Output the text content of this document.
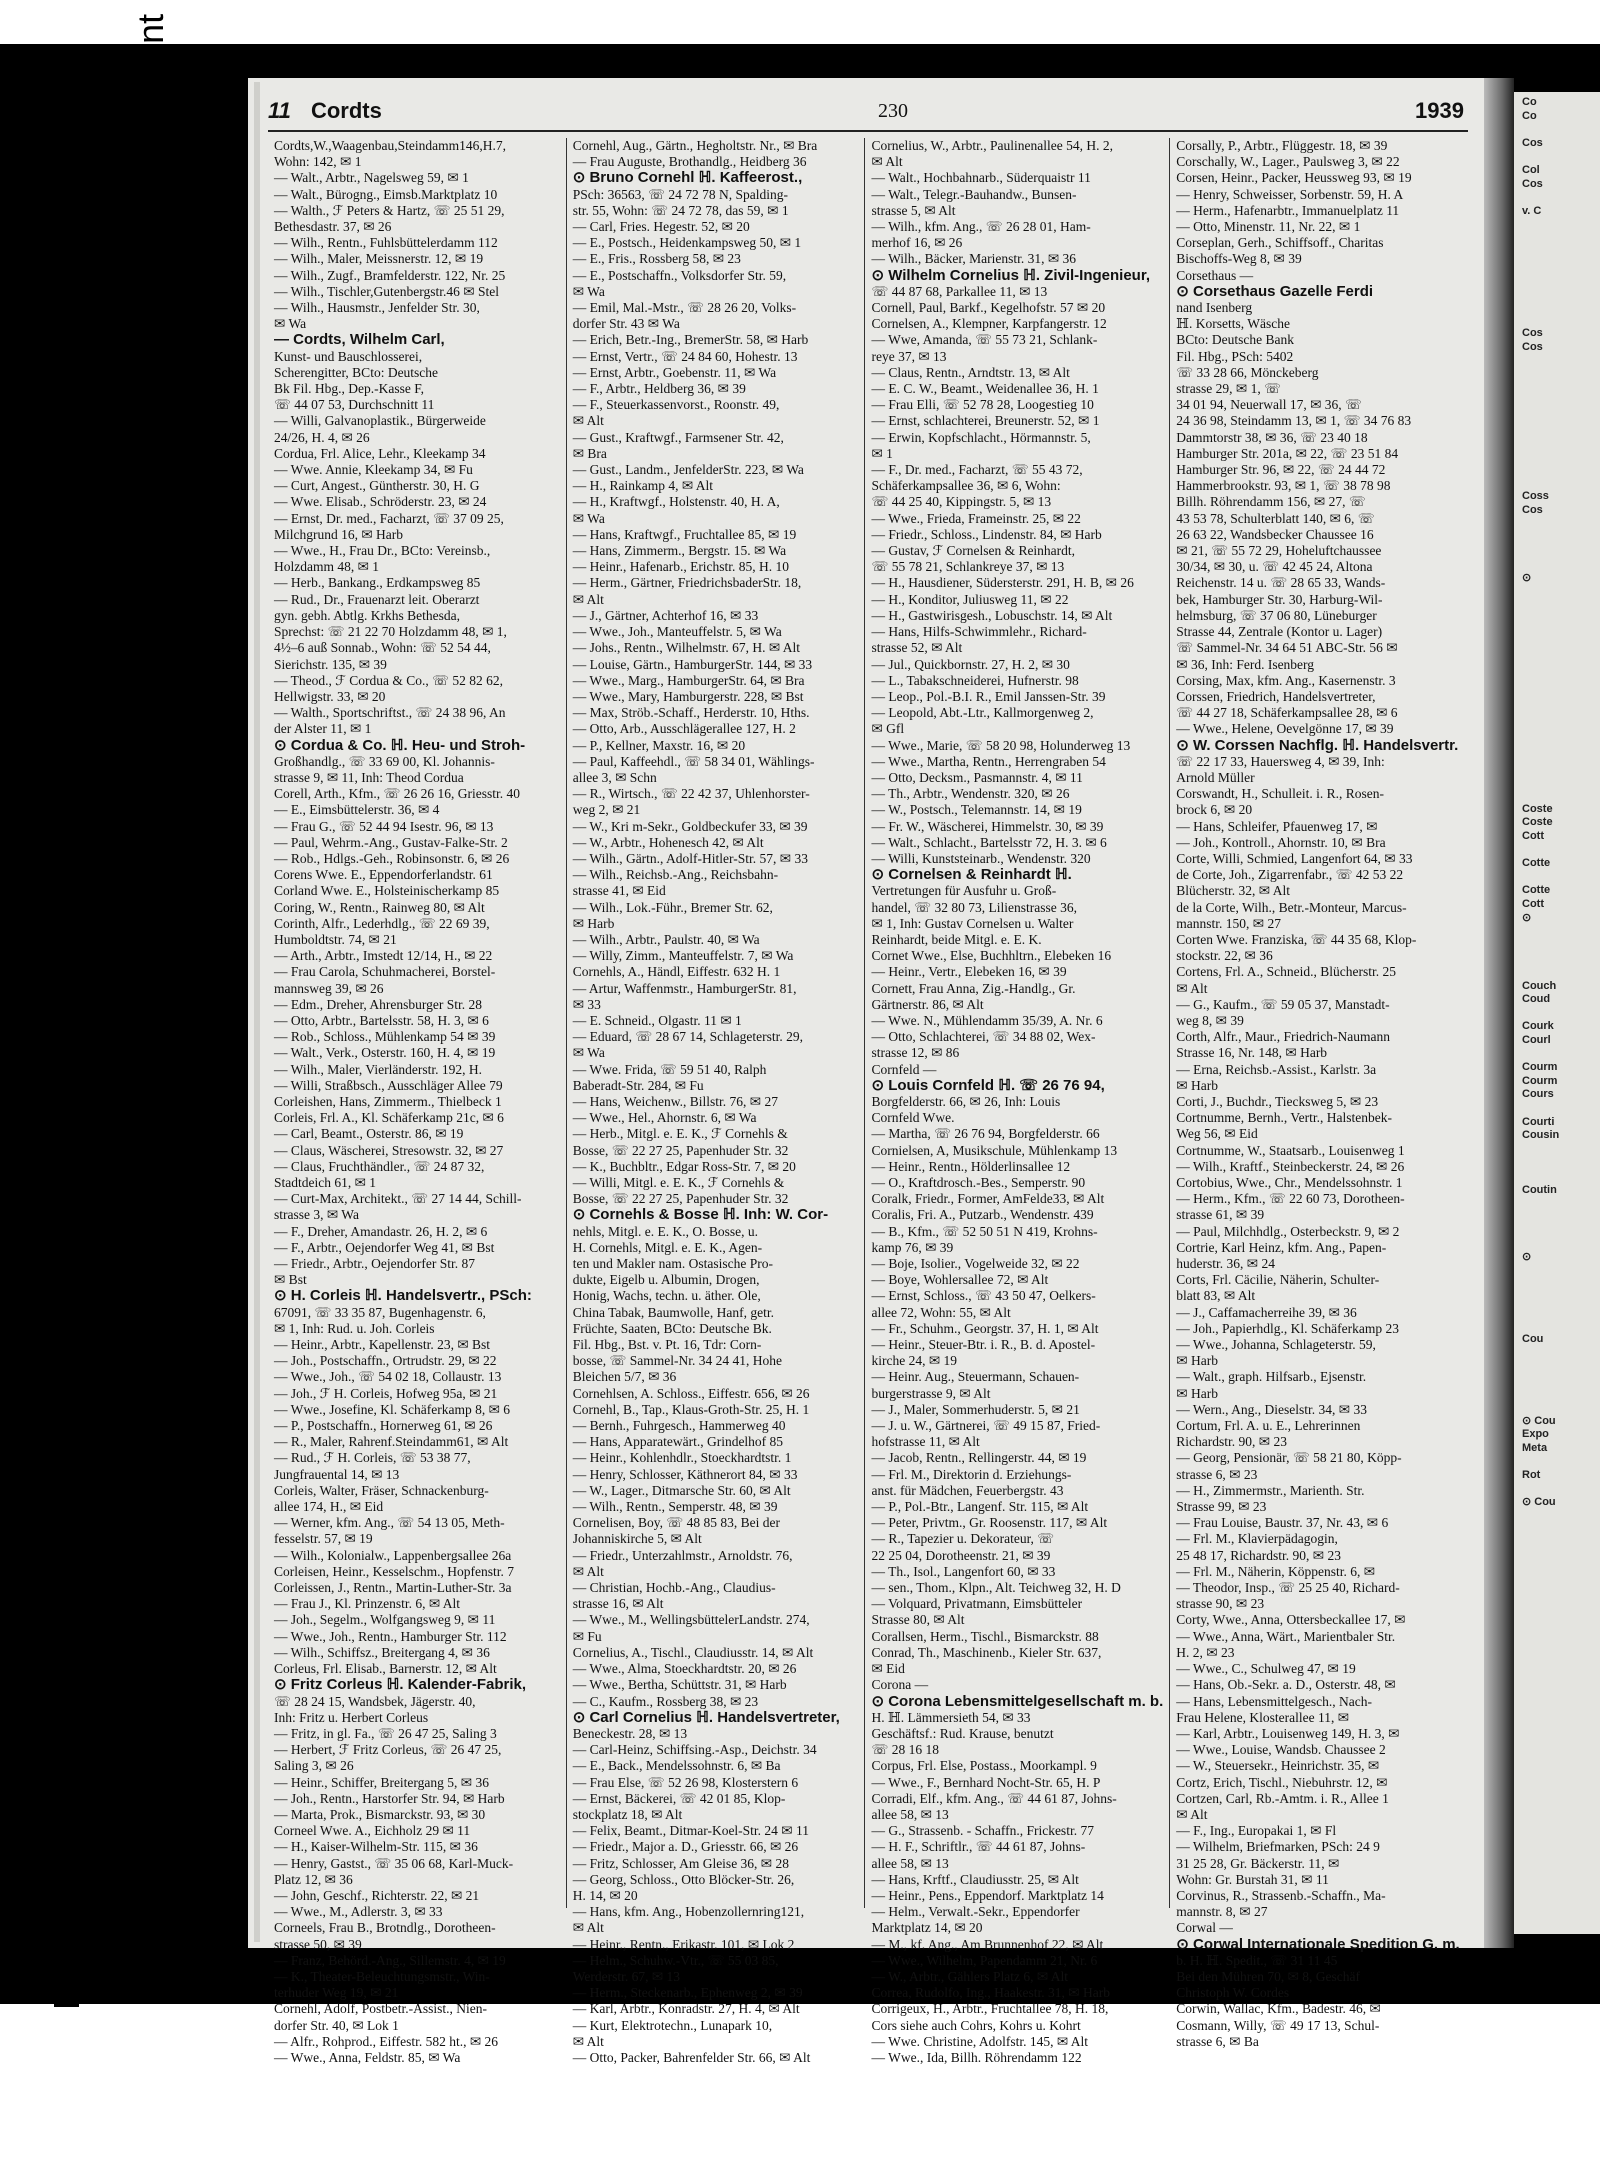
Co
Co

Cos

Col
Cos

v. C

Cos
Cos

Coss
Cos

⊙

Coste
Coste
Cott

Cotte

Cotte
Cott
⊙

Couch
Coud

Courk
Courl

Courm
Courm
Cours

Courti
Cousin

Coutin

⊙

Cou

⊙ Cou
Expo
Meta

Rot

⊙ Cou
11 Cordts	230	1939

Cordts,W.,Waagenbau,Steindamm146,H.7,

Wohn: 142, ✉ 1

— Walt., Arbtr., Nagelsweg 59, ✉ 1

— Walt., Bürogng., Eimsb.Marktplatz 10

— Walth., ℱ Peters & Hartz, ☏ 25 51 29,

Bethesdastr. 37, ✉ 26

— Wilh., Rentn., Fuhlsbüttelerdamm 112

— Wilh., Maler, Meissnerstr. 12, ✉ 19

— Wilh., Zugf., Bramfelderstr. 122, Nr. 25

— Wilh., Tischler,Gutenbergstr.46 ✉ Stel

— Wilh., Hausmstr., Jenfelder Str. 30,

✉ Wa

— Cordts, Wilhelm Carl,

Kunst- und Bauschlosserei,

Scherengitter, BCto: Deutsche

Bk Fil. Hbg., Dep.-Kasse F,

☏ 44 07 53, Durchschnitt 11

— Willi, Galvanoplastik., Bürgerweide

24/26, H. 4, ✉ 26

Cordua, Frl. Alice, Lehr., Kleekamp 34

— Wwe. Annie, Kleekamp 34, ✉ Fu

— Curt, Angest., Güntherstr. 30, H. G

— Wwe. Elisab., Schröderstr. 23, ✉ 24

— Ernst, Dr. med., Facharzt, ☏ 37 09 25,

Milchgrund 16, ✉ Harb

— Wwe., H., Frau Dr., BCto: Vereinsb.,

Holzdamm 48, ✉ 1

— Herb., Bankang., Erdkampsweg 85

— Rud., Dr., Frauenarzt leit. Oberarzt

gyn. gebh. Abtlg. Krkhs Bethesda,

Sprechst: ☏ 21 22 70 Holzdamm 48, ✉ 1,

4½–6 auß​ Sonnab., Wohn: ☏ 52 54 44,

Sierichstr. 135, ✉ 39

— Theod., ℱ Cordua & Co., ☏ 52 82 62,

Hellwigstr. 33, ✉ 20

— Walth., Sportschriftst., ☏ 24 38 96, An

der Alster 11, ✉ 1

⊙ Cordua & Co. ℍ. Heu- und Stroh-

Großhandlg., ☏ 33 69 00, Kl. Johannis-

strasse 9, ✉ 11, Inh: Theod Cordua

Corell, Arth., Kfm., ☏ 26 26 16, Griesstr. 40

— E., Eimsbüttelerstr. 36, ✉ 4

— Frau G., ☏ 52 44 94 Isestr. 96, ✉ 13

— Paul, Wehrm.-Ang., Gustav-Falke-Str. 2

— Rob., Hdlgs.-Geh., Robinsonstr. 6, ✉ 26

Corens Wwe. E., Eppendorferlandstr. 61

Corland Wwe. E., Holsteinischerkamp 85

Coring, W., Rentn., Rainweg 80, ✉ Alt

Corinth, Alfr., Lederhdlg., ☏ 22 69 39,

Humboldtstr. 74, ✉ 21

— Arth., Arbtr., Imstedt 12/14, H., ✉ 22

— Frau Carola, Schuhmacherei, Borstel-

mannsweg 39, ✉ 26

— Edm., Dreher, Ahrensburger Str. 28

— Otto, Arbtr., Bartelsstr. 58, H. 3, ✉ 6

— Rob., Schloss., Mühlenkamp 54 ✉ 39

— Walt., Verk., Osterstr. 160, H. 4, ✉ 19

— Wilh., Maler, Vierländerstr. 192, H.

— Willi, Straßbsch., Ausschläger Allee 79

Corleishen, Hans, Zimmerm., Thielbeck 1

Corleis, Frl. A., Kl. Schäferkamp 21c, ✉ 6

— Carl, Beamt., Osterstr. 86, ✉ 19

— Claus, Wäscherei, Stresowstr. 32, ✉ 27

— Claus, Fruchthändler., ☏ 24 87 32,

Stadtdeich 61, ✉ 1

— Curt-Max, Architekt., ☏ 27 14 44, Schill-

strasse 3, ✉ Wa

— F., Dreher, Amandastr. 26, H. 2, ✉ 6

— F., Arbtr., Oejendorfer Weg 41, ✉ Bst

— Friedr., Arbtr., Oejendorfer Str. 87

✉ Bst

⊙ H. Corleis ℍ. Handelsvertr., PSch:

67091, ☏ 33 35 87, Bugenhagenstr. 6,

✉ 1, Inh: Rud. u. Joh. Corleis

— Heinr., Arbtr., Kapellenstr. 23, ✉ Bst

— Joh., Postschaffn., Ortrudstr. 29, ✉ 22

— Wwe., Joh., ☏ 54 02 18, Collaustr. 13

— Joh., ℱ H. Corleis, Hofweg 95a, ✉ 21

— Wwe., Josefine, Kl. Schäferkamp 8, ✉ 6

— P., Postschaffn., Hornerweg 61, ✉ 26

— R., Maler, Rahrenf.Steindamm61, ✉ Alt

— Rud., ℱ H. Corleis, ☏ 53 38 77,

Jungfrauental 14, ✉ 13

Corleis, Walter, Fräser, Schnackenburg-

allee 174, H., ✉ Eid

— Werner, kfm. Ang., ☏ 54 13 05, Meth-

fesselstr. 57, ✉ 19

— Wilh., Kolonialw., Lappenbergsallee 26a

Corleisen, Heinr., Kesselschm., Hopfenstr. 7

Corleissen, J., Rentn., Martin-Luther-Str. 3a

— Frau J., Kl. Prinzenstr. 6, ✉ Alt

— Joh., Segelm., Wolfgangsweg 9, ✉ 11

— Wwe., Joh., Rentn., Hamburger Str. 112

— Wilh., Schiffsz., Breitergang 4, ✉ 36

Corleus, Frl. Elisab., Barnerstr. 12, ✉ Alt

⊙ Fritz Corleus ℍ. Kalender-Fabrik,

☏ 28 24 15, Wandsbek, Jägerstr. 40,

Inh: Fritz u. Herbert Corleus

— Fritz, in gl. Fa., ☏ 26 47 25, Saling 3

— Herbert, ℱ Fritz Corleus, ☏ 26 47 25,

Saling 3, ✉ 26

— Heinr., Schiffer, Breitergang 5, ✉ 36

— Joh., Rentn., Harstorfer Str. 94, ✉ Harb

— Marta, Prok., Bismarckstr. 93, ✉ 30

Corneel Wwe. A., Eichholz 29 ✉ 11

— H., Kaiser-Wilhelm-Str. 115, ✉ 36

— Henry, Gastst., ☏ 35 06 68, Karl-Muck-

Platz 12, ✉ 36

— John, Geschf., Richterstr. 22, ✉ 21

— Wwe., M., Adlerstr. 3, ✉ 33

Corneels, Frau B., Brotndlg., Dorotheen-

strasse 50, ✉ 39

— Franz, Behörd.-Ang., Sillemstr. 4, ✉ 19

— K., Theater-Beleuchtungsmstr., Win-

terhuder Weg 19, ✉ 21

Cornehl, Adolf, Postbetr.-Assist., Nien-

dorfer Str. 40, ✉ Lok 1

— Alfr., Rohprod., Eiffestr. 582 ht., ✉ 26

— Wwe., Anna, Feldstr. 85, ✉ Wa

Cornehl, Aug., Gärtn., Hegholtstr. Nr., ✉ Bra

— Frau Auguste, Brothandlg., Heidberg 36

⊙ Bruno Cornehl ℍ. Kaffeerost.,

PSch: 36563, ☏ 24 72 78 N, Spalding-

str. 55, Wohn: ☏ 24 72 78, das 59, ✉ 1

— Carl, Fries. Hegestr. 52, ✉ 20

— E., Postsch., Heidenkampsweg 50, ✉ 1

— E., Fris., Rossberg 58, ✉ 23

— E., Postschaffn., Volksdorfer Str. 59,

✉ Wa

— Emil, Mal.-Mstr., ☏ 28 26 20, Volks-

dorfer Str. 43 ✉ Wa

— Erich, Betr.-Ing., BremerStr. 58, ✉ Harb

— Ernst, Vertr., ☏ 24 84 60, Hohestr. 13

— Ernst, Arbtr., Goebenstr. 11, ✉ Wa

— F., Arbtr., Heldberg 36, ✉ 39

— F., Steuerkassenvorst., Roonstr. 49,

✉ Alt

— Gust., Kraftwgf., Farmsener Str. 42,

✉ Bra

— Gust., Landm., JenfelderStr. 223, ✉ Wa

— H., Rainkamp 4, ✉ Alt

— H., Kraftwgf., Holstenstr. 40, H. A,

✉ Wa

— Hans, Kraftwgf., Fruchtallee 85, ✉ 19

— Hans, Zimmerm., Bergstr. 15. ✉ Wa

— Heinr., Hafenarb., Erichstr. 85, H. 10

— Herm., Gärtner, FriedrichsbaderStr. 18,

✉ Alt

— J., Gärtner, Achterhof 16, ✉ 33

— Wwe., Joh., Manteuffelstr. 5, ✉ Wa

— Johs., Rentn., Wilhelmstr. 67, H. ✉ Alt

— Louise, Gärtn., HamburgerStr. 144, ✉ 33

— Wwe., Marg., HamburgerStr. 64, ✉ Bra

— Wwe., Mary, Hamburgerstr. 228, ✉ Bst

— Max, Ströb.-Schaff., Herderstr. 10, Hths.

— Otto, Arb., Ausschlägerallee 127, H. 2

— P., Kellner, Maxstr. 16, ✉ 20

— Paul, Kaffeehdl., ☏ 58 34 01, Wählings-

allee 3, ✉ Schn

— R., Wirtsch., ☏ 22 42 37, Uhlenhorster-

weg 2, ✉ 21

— W., Kri m-Sekr., Goldbeckufer 33, ✉ 39

— W., Arbtr., Hohenesch 42, ✉ Alt

— Wilh., Gärtn., Adolf-Hitler-Str. 57, ✉ 33

— Wilh., Reichsb.-Ang., Reichsbahn-

strasse 41, ✉ Eid

— Wilh., Lok.-Führ., Bremer Str. 62,

✉ Harb

— Wilh., Arbtr., Paulstr. 40, ✉ Wa

— Willy, Zimm., Manteuffelstr. 7, ✉ Wa

Cornehls, A., Händl, Eiffestr. 632 H. 1

— Artur, Waffenmstr., HamburgerStr. 81,

✉ 33

— E. Schneid., Olgastr. 11 ✉ 1

— Eduard, ☏ 28 67 14, Schlageterstr. 29,

✉ Wa

— Wwe. Frida, ☏ 59 51 40, Ralph

Baberadt-Str. 284, ✉ Fu

— Hans, Weichenw., Billstr. 76, ✉ 27

— Wwe., Hel., Ahornstr. 6, ✉ Wa

— Herb., Mitgl. e. E. K., ℱ Cornehls &

Bosse, ☏ 22 27 25, Papenhuder Str. 32

— K., Buchbltr., Edgar Ross-Str. 7, ✉ 20

— Willi, Mitgl. e. E. K., ℱ Cornehls &

Bosse, ☏ 22 27 25, Papenhuder Str. 32

⊙ Cornehls & Bosse ℍ. Inh: W. Cor-

nehls, Mitgl. e. E. K., O. Bosse, u.

H. Cornehls, Mitgl. e. E. K., Agen-

ten und Makler nam. Ostasische Pro-

dukte, Eigelb u. Albumin, Drogen,

Honig, Wachs, techn. u. äther. Ole,

China Tabak, Baumwolle, Hanf, getr.

Früchte, Saaten, BCto: Deutsche Bk.

Fil. Hbg., Bst. v. Pt. 16, Tdr: Corn-

bosse, ☏ Sammel-Nr. 34 24 41, Hohe

Bleichen 5/7, ✉ 36

Cornehlsen, A. Schloss., Eiffestr. 656, ✉ 26

Cornehl, B., Tap., Klaus-Groth-Str. 25, H. 1

— Bernh., Fuhrgesch., Hammerweg 40

— Hans, Apparatewärt., Grindelhof 85

— Heinr., Kohlenhdlr., Stoeckhardtstr. 1

— Henry, Schlosser, Käthnerort 84, ✉ 33

— W., Lager., Ditmarsche Str. 60, ✉ Alt

— Wilh., Rentn., Semperstr. 48, ✉ 39

Cornelisen, Boy, ☏ 48 85 83, Bei der

Johanniskirche 5, ✉ Alt

— Friedr., Unterzahlmstr., Arnoldstr. 76,

✉ Alt

— Christian, Hochb.-Ang., Claudius-

strasse 16, ✉ Alt

— Wwe., M., WellingsbüttelerLandstr. 274,

✉ Fu

Cornelius, A., Tischl., Claudiusstr. 14, ✉ Alt

— Wwe., Alma, Stoeckhardtstr. 20, ✉ 26

— Wwe., Bertha, Schüttstr. 31, ✉ Harb

— C., Kaufm., Rossberg 38, ✉ 23

⊙ Carl Cornelius ℍ. Handelsvertreter,

Beneckestr. 28, ✉ 13

— Carl-Heinz, Schiffsing.-Asp., Deichstr. 34

— E., Back., Mendelssohnstr. 6, ✉ Ba

— Frau Else, ☏ 52 26 98, Klosterstern 6

— Ernst, Bäckerei, ☏ 42 01 85, Klop-

stockplatz 18, ✉ Alt

— Felix, Beamt., Ditmar-Koel-Str. 24 ✉ 11

— Friedr., Major a. D., Griesstr. 66, ✉ 26

— Fritz, Schlosser, Am Gleise 36, ✉ 28

— Georg, Schloss., Otto Blöcker-Str. 26,

H. 14, ✉ 20

— Hans, kfm. Ang., Hobenzollernring121,

✉ Alt

— Heinr., Rentn., Erikastr. 101, ✉ Lok 2

— Helm., Schuhw.-Vtr., ☏ 55 03 85,

Werderstr. 67, ✉ 13

— Herm., Steckenarb., Ephenweg 2, ✉ 39

— Karl, Arbtr., Konradstr. 27, H. 4, ✉ Alt

— Kurt, Elektrotechn., Lunapark 10,

✉ Alt

— Otto, Packer, Bahrenfelder Str. 66, ✉ Alt

Cornelius, W., Arbtr., Paulinenallee 54, H. 2,

✉ Alt

— Walt., Hochbahnarb., Süderquaistr 11

— Walt., Telegr.-Bauhandw., Bunsen-

strasse 5, ✉ Alt

— Wilh., kfm. Ang., ☏ 26 28 01, Ham-

merhof 16, ✉ 26

— Wilh., Bäcker, Marienstr. 31, ✉ 36

⊙ Wilhelm Cornelius ℍ. Zivil-Ingenieur,

☏ 44 87 68, Parkallee 11, ✉ 13

Cornell, Paul, Barkf., Kegelhofstr. 57 ✉ 20

Cornelsen, A., Klempner, Karpfangerstr. 12

— Wwe, Amanda, ☏ 55 73 21, Schlank-

reye 37, ✉ 13

— Claus, Rentn., Arndtstr. 13, ✉ Alt

— E. C. W., Beamt., Weidenallee 36, H. 1

— Frau Elli, ☏ 52 78 28, Loogestieg 10

— Ernst, schlachterei, Breunerstr. 52, ✉ 1

— Erwin, Kopfschlacht., Hörmannstr. 5,

✉ 1

— F., Dr. med., Facharzt, ☏ 55 43 72,

Schäferkampsallee 36, ✉ 6, Wohn:

☏ 44 25 40, Kippingstr. 5, ✉ 13

— Wwe., Frieda, Frameinstr. 25, ✉ 22

— Friedr., Schloss., Lindenstr. 84, ✉ Harb

— Gustav, ℱ Cornelsen & Reinhardt,

☏ 55 78 21, Schlankreye 37, ✉ 13

— H., Hausdiener, Südersterstr. 291, H. B, ✉ 26

— H., Konditor, Juliusweg 11, ✉ 22

— H., Gastwirisgesh., Lobuschstr. 14, ✉ Alt

— Hans, Hilfs-Schwimmlehr., Richard-

strasse 52, ✉ Alt

— Jul., Quickbornstr. 27, H. 2, ✉ 30

— L., Tabakschneiderei, Hufnerstr. 98

— Leop., Pol.-B.I. R., Emil Janssen-Str. 39

— Leopold, Abt.-Ltr., Kallmorgenweg 2,

✉ Gfl

— Wwe., Marie, ☏ 58 20 98, Holunderweg 13

— Wwe., Martha, Rentn., Herrengraben 54

— Otto, Decksm., Pasmannstr. 4, ✉ 11

— Th., Arbtr., Wendenstr. 320, ✉ 26

— W., Postsch., Telemannstr. 14, ✉ 19

— Fr. W., Wäscherei, Himmelstr. 30, ✉ 39

— Walt., Schlacht., Bartelsstr 72, H. 3. ✉ 6

— Willi, Kunststeinarb., Wendenstr. 320

⊙ Cornelsen & Reinhardt ℍ.

Vertretungen für Ausfuhr u. Groß-

handel, ☏ 32 80 73, Lilienstrasse 36,

✉ 1, Inh: Gustav Cornelsen u. Walter

Reinhardt, beide Mitgl. e. E. K.

Cornet Wwe., Else, Buchhltrn., Elebeken 16

— Heinr., Vertr., Elebeken 16, ✉ 39

Cornett, Frau Anna, Zig.-Handlg., Gr.

Gärtnerstr. 86, ✉ Alt

— Wwe. N., Mühlendamm 35/39, A. Nr. 6

— Otto, Schlachterei, ☏ 34 88 02, Wex-

strasse 12, ✉ 86

Cornfeld —

⊙ Louis Cornfeld ℍ. ☏ 26 76 94,

Borgfelderstr. 66, ✉ 26, Inh: Louis

Cornfeld Wwe.

— Martha, ☏ 26 76 94, Borgfelderstr. 66

Cornielsen, A, Musikschule, Mühlenkamp 13

— Heinr., Rentn., Hölderlinsallee 12

— O., Kraftdrosch.-Bes., Semperstr. 90

Coralk, Friedr., Former, AmFelde33, ✉ Alt

Coralis, Fri. A., Putzarb., Wendenstr. 439

— B., Kfm., ☏ 52 50 51 N 419, Krohns-

kamp 76, ✉ 39

— Boje, Isolier., Vogelweide 32, ✉ 22

— Boye, Wohlersallee 72, ✉ Alt

— Ernst, Schloss., ☏ 43 50 47, Oelkers-

allee 72, Wohn: 55, ✉ Alt

— Fr., Schuhm., Georgstr. 37, H. 1, ✉ Alt

— Heinr., Steuer-Btr. i. R., B. d. Apostel-

kirche 24, ✉ 19

— Heinr. Aug., Steuermann, Schauen-

burgerstrasse 9, ✉ Alt

— J., Maler, Sommerhuderstr. 5, ✉ 21

— J. u. W., Gärtnerei, ☏ 49 15 87, Fried-

hofstrasse 11, ✉ Alt

— Jacob, Rentn., Rellingerstr. 44, ✉ 19

— Frl. M., Direktorin d. Erziehungs-

anst. für Mädchen, Feuerbergstr. 43

— P., Pol.-Btr., Langenf. Str. 115, ✉ Alt

— Peter, Privtm., Gr. Roosenstr. 117, ✉ Alt

— R., Tapezier u. Dekorateur, ☏

22 25 04, Dorotheenstr. 21, ✉ 39

— Th., Isol., Langenfort 60, ✉ 33

— sen., Thom., Klpn., Alt. Teichweg 32, H. D

— Volquard, Privatmann, Eimsbütteler

Strasse 80, ✉ Alt

Corallsen, Herm., Tischl., Bismarckstr. 88

Conrad, Th., Maschinenb., Kieler Str. 637,

✉ Eid

Corona —

⊙ Corona Lebensmittelgesellschaft m. b.

H. ℍ. Lämmersieth 54, ✉ 33

Geschäftsf.: Rud. Krause, benutzt

☏ 28 16 18

Corpus, Frl. Else, Postass., Moorkampl. 9

— Wwe., F., Bernhard Nocht-Str. 65, H. P

Corradi, Elf., kfm. Ang., ☏ 44 61 87, Johns-

allee 58, ✉ 13

— G., Strassenb. - Schaffn., Frickestr. 77

— H. F., Schriftlr., ☏ 44 61 87, Johns-

allee 58, ✉ 13

— Hans, Krftf., Claudiusstr. 25, ✉ Alt

— Heinr., Pens., Eppendorf. Marktplatz 14

— Helm., Verwalt.-Sekr., Eppendorfer

Marktplatz 14, ✉ 20

— M., kf. Ang., Am Brunnenhof 22, ✉ Alt

— Wwe., Wilhelm, Papendamm 21, Nr. 6

— W., Arbtr., Gählers Platz 6, ✉ Alt

Correa, Rudolfo, Ing., Haakestr. 31, ✉ Harb

Corrigeux, H., Arbtr., Fruchtallee 78, H. 18,

Cors siehe auch Cohrs, Kohrs u. Kohrt

— Wwe. Christine, Adolfstr. 145, ✉ Alt

— Wwe., Ida, Billh. Röhrendamm 122

Corsally, P., Arbtr., Flüggestr. 18, ✉ 39

Corschally, W., Lager., Paulsweg 3, ✉ 22

Corsen, Heinr., Packer, Heussweg 93, ✉ 19

— Henry, Schweisser, Sorbenstr. 59, H. A

— Herm., Hafenarbtr., Immanuelplatz 11

— Otto, Minenstr. 11, Nr. 22, ✉ 1

Corseplan, Gerh., Schiffsoff., Charitas

Bischoffs-Weg 8, ✉ 39

Corsethaus —

⊙ Corsethaus Gazelle Ferdi

nand Isenberg

ℍ. Korsetts, Wäsche

BCto: Deutsche Bank

Fil. Hbg., PSch: 5402

☏ 33 28 66, Mönckeberg

strasse 29, ✉ 1, ☏

34 01 94, Neuerwall 17, ✉ 36, ☏

24 36 98, Steindamm 13, ✉ 1, ☏ 34 76 83

Dammtorstr 38, ✉ 36, ☏ 23 40 18

Hamburger Str. 201a, ✉ 22, ☏ 23 51 84

Hamburger Str. 96, ✉ 22, ☏ 24 44 72

Hammerbrookstr. 93, ✉ 1, ☏ 38 78 98

Billh. Röhrendamm 156, ✉ 27, ☏

43 53 78, Schulterblatt 140, ✉ 6, ☏

26 63 22, Wandsbecker Chaussee 16

✉ 21, ☏ 55 72 29, Hoheluftchaussee

30/34, ✉ 30, u. ☏ 42 45 24, Altona

Reichenstr. 14 u. ☏ 28 65 33, Wands-

bek, Hamburger Str. 30, Harburg-Wil-

helmsburg, ☏ 37 06 80, Lüneburger

Strasse 44, Zentrale (Kontor u. Lager)

☏ Sammel-Nr. 34 64 51 ABC-Str. 56 ✉

✉ 36, Inh: Ferd. Isenberg

Corsing, Max, kfm. Ang., Kasernenstr. 3

Corssen, Friedrich, Handelsvertreter,

☏ 44 27 18, Schäferkampsallee 28, ✉ 6

— Wwe., Helene, Oevelgönne 17, ✉ 39

⊙ W. Corssen Nachflg. ℍ. Handelsvertr.

☏ 22 17 33, Hauersweg 4, ✉ 39, Inh:

Arnold Müller

Corswandt, H., Schulleit. i. R., Rosen-

brock 6, ✉ 20

— Hans, Schleifer, Pfauenweg 17, ✉

— Joh., Kontroll., Ahornstr. 10, ✉ Bra

Corte, Willi, Schmied, Langenfort 64, ✉ 33

de Corte, Joh., Zigarrenfabr., ☏ 42 53 22

Blücherstr. 32, ✉ Alt

de la Corte, Wilh., Betr.-Monteur, Marcus-

mannstr. 150, ✉ 27

Corten Wwe. Franziska, ☏ 44 35 68, Klop-

stockstr. 22, ✉ 36

Cortens, Frl. A., Schneid., Blücherstr. 25

✉ Alt

— G., Kaufm., ☏ 59 05 37, Manstadt-

weg 8, ✉ 39

Corth, Alfr., Maur., Friedrich-Naumann

Strasse 16, Nr. 148, ✉ Harb

— Erna, Reichsb.-Assist., Karlstr. 3a

✉ Harb

Corti, J., Buchdr., Tiecksweg 5, ✉ 23

Cortnumme, Bernh., Vertr., Halstenbek-

Weg 56, ✉ Eid

Cortnumme, W., Staatsarb., Louisenweg 1

— Wilh., Kraftf., Steinbeckerstr. 24, ✉ 26

Cortobius, Wwe., Chr., Mendelssohnstr. 1

— Herm., Kfm., ☏ 22 60 73, Dorotheen-

strasse 61, ✉ 39

— Paul, Milchhdlg., Osterbeckstr. 9, ✉ 2

Cortrie, Karl Heinz, kfm. Ang., Papen-

huderstr. 36, ✉ 24

Corts, Frl. Cäcilie, Näherin, Schulter-

blatt 83, ✉ Alt

— J., Caffamacherreihe 39, ✉ 36

— Joh., Papierhdlg., Kl. Schäferkamp 23

— Wwe., Johanna, Schlageterstr. 59,

✉ Harb

— Walt., graph. Hilfsarb., Ejsenstr.

✉ Harb

— Wern., Ang., Dieselstr. 34, ✉ 33

Cortum, Frl. A. u. E., Lehrerinnen

Richardstr. 90, ✉ 23

— Georg, Pensionär, ☏ 58 21 80, Köpp-

strasse 6, ✉ 23

— H., Zimmermstr., Marienth. Str.

Strasse 99, ✉ 23

— Frau Louise, Baustr. 37, Nr. 43, ✉ 6

— Frl. M., Klavierpädagogin,

25 48 17, Richardstr. 90, ✉ 23

— Frl. M., Näherin, Köppenstr. 6, ✉

— Theodor, Insp., ☏ 25 25 40, Richard-

strasse 90, ✉ 23

Corty, Wwe., Anna, Ottersbeckallee 17, ✉

— Wwe., Anna, Wärt., Marientbaler Str.

H. 2, ✉ 23

— Wwe., C., Schulweg 47, ✉ 19

— Hans, Ob.-Sekr. a. D., Osterstr. 48, ✉

— Hans, Lebensmittelgesch., Nach-

Frau Helene, Klosterallee 11, ✉

— Karl, Arbtr., Louisenweg 149, H. 3, ✉

— Wwe., Louise, Wandsb. Chaussee 2

— W., Steuersekr., Heinrichstr. 35, ✉

Cortz, Erich, Tischl., Niebuhrstr. 12, ✉

Cortzen, Carl, Rb.-Amtm. i. R., Allee 1

✉ Alt

— F., Ing., Europakai 1, ✉ Fl

— Wilhelm, Briefmarken, PSch: 24 9

31 25 28, Gr. Bäckerstr. 11, ✉

Wohn: Gr. Burstah 31, ✉ 11

Corvinus, R., Strassenb.-Schaffn., Ma-

mannstr. 8, ✉ 27

Corwal —

⊙ Corwal Internationale Spedition G. m.

b. H. ℍ. Spedit., ☏ 31 11 45

Bei den Mühren 70, ✉ 8, Geschäf

Christoph W. Cordes

Corwin, Wallac, Kfm., Badestr. 46, ✉

Cosmann, Willy, ☏ 49 17 13, Schul-

strasse 6, ✉ Ba

Bleed Through
Repaired Document Plastic Covered Document
Blocked Information
Torn Page(s)
